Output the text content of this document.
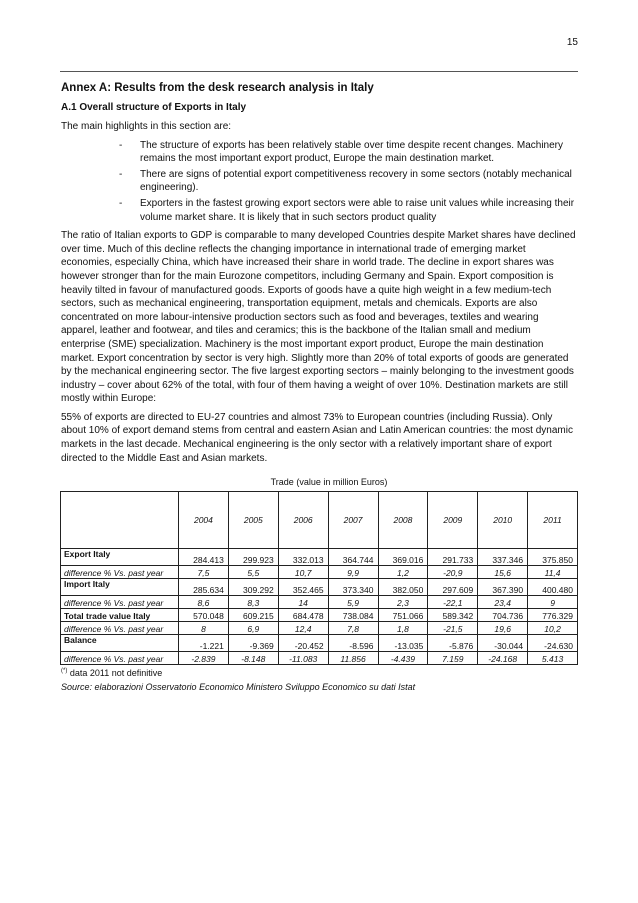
15
Annex A: Results from the desk research analysis in Italy
A.1 Overall structure of Exports in Italy
The main highlights in this section are:
- The structure of exports has been relatively stable over time despite recent changes. Machinery remains the most important export product, Europe the main destination market.
- There are signs of potential export competitiveness recovery in some sectors (notably mechanical engineering).
- Exporters in the fastest growing export sectors were able to raise unit values while increasing their volume market share. It is likely that in such sectors product quality
The ratio of Italian exports to GDP is comparable to many developed Countries despite Market shares have declined over time. Much of this decline reflects the changing importance in international trade of emerging market economies, especially China, which have increased their share in world trade. The decline in export shares was however stronger than for the main Eurozone competitors, including Germany and Spain. Export composition is heavily tilted in favour of manufactured goods. Exports of goods have a quite high weight in a few medium-tech sectors, such as mechanical engineering, transportation equipment, metals and chemicals. Exports are also concentrated on more labour-intensive production sectors such as food and beverages, textiles and wearing apparel, leather and footwear, and tiles and ceramics; this is the backbone of the Italian small and medium enterprise (SME) specialization. Machinery is the most important export product, Europe the main destination market. Export concentration by sector is very high. Slightly more than 20% of total exports of goods are generated by the mechanical engineering sector. The five largest exporting sectors – mainly belonging to the investment goods industry – cover about 62% of the total, with four of them having a weight of over 10%. Destination markets are still mostly within Europe:
55% of exports are directed to EU-27 countries and almost 73% to European countries (including Russia). Only about 10% of export demand stems from central and eastern Asian and Latin American countries: the most dynamic markets in the last decade. Mechanical engineering is the only sector with a relatively important share of export directed to the Middle East and Asian markets.
Trade (value in million Euros)
	2004	2005	2006	2007	2008	2009	2010	2011
Export Italy	284.413	299.923	332.013	364.744	369.016	291.733	337.346	375.850
difference % Vs. past year	7,5	5,5	10,7	9,9	1,2	-20,9	15,6	11,4
Import Italy	285.634	309.292	352.465	373.340	382.050	297.609	367.390	400.480
difference % Vs. past year	8,6	8,3	14	5,9	2,3	-22,1	23,4	9
Total trade value Italy	570.048	609.215	684.478	738.084	751.066	589.342	704.736	776.329
difference % Vs. past year	8	6,9	12,4	7,8	1,8	-21,5	19,6	10,2
Balance	-1.221	-9.369	-20.452	-8.596	-13.035	-5.876	-30.044	-24.630
difference % Vs. past year	-2.839	-8.148	-11.083	11.856	-4.439	7.159	-24.168	5.413
(*) data 2011 not definitive
Source: elaborazioni Osservatorio Economico Ministero Sviluppo Economico su dati Istat
